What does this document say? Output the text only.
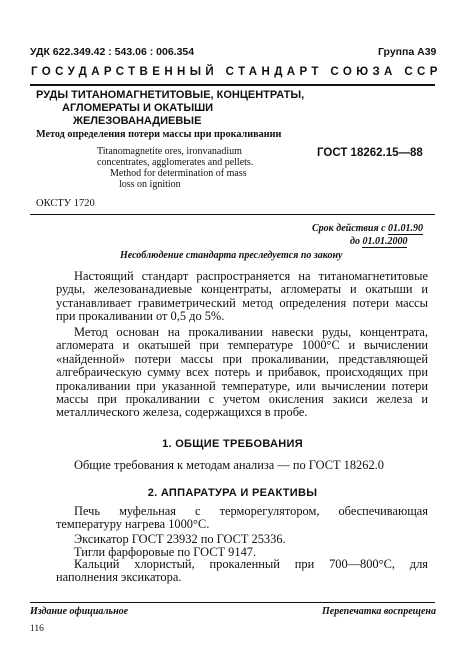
УДК 622.349.42 : 543.06 : 006.354	Группа А39
ГОСУДАРСТВЕННЫЙ СТАНДАРТ СОЮЗА ССР
РУДЫ ТИТАНОМАГНЕТИТОВЫЕ, КОНЦЕНТРАТЫ,
АГЛОМЕРАТЫ И ОКАТЫШИ
ЖЕЛЕЗОВАНАДИЕВЫЕ
Метод определения потери массы при прокаливании
Titanomagnetite ores, ironvanadium
concentrates, agglomerates and pellets.
Method for determination of mass
loss on ignition
ГОСТ 18262.15—88
ОКСТУ 1720
Срок действия с 01.01.90
до 01.01.2000
Несоблюдение стандарта преследуется по закону
Настоящий стандарт распространяется на титаномагнетитовые руды, железованадиевые концентраты, агломераты и окатыши и устанавливает гравиметрический метод определения потери массы при прокаливании от 0,5 до 5%.
Метод основан на прокаливании навески руды, концентрата, агломерата и окатышей при температуре 1000°С и вычислении «найденной» потери массы при прокаливании, представляющей алгебраическую сумму всех потерь и прибавок, происходящих при прокаливании при указанной температуре, или вычислении потери массы при прокаливании с учетом окисления закиси железа и металлического железа, содержащихся в пробе.
1. ОБЩИЕ ТРЕБОВАНИЯ
Общие требования к методам анализа — по ГОСТ 18262.0
2. АППАРАТУРА И РЕАКТИВЫ
Печь муфельная с терморегулятором, обеспечивающая температуру нагрева 1000°С.
Эксикатор ГОСТ 23932 по ГОСТ 25336.
Тигли фарфоровые по ГОСТ 9147.
Кальций хлористый, прокаленный при 700—800°С, для наполнения эксикатора.
Издание официальное	Перепечатка воспрещена
116
